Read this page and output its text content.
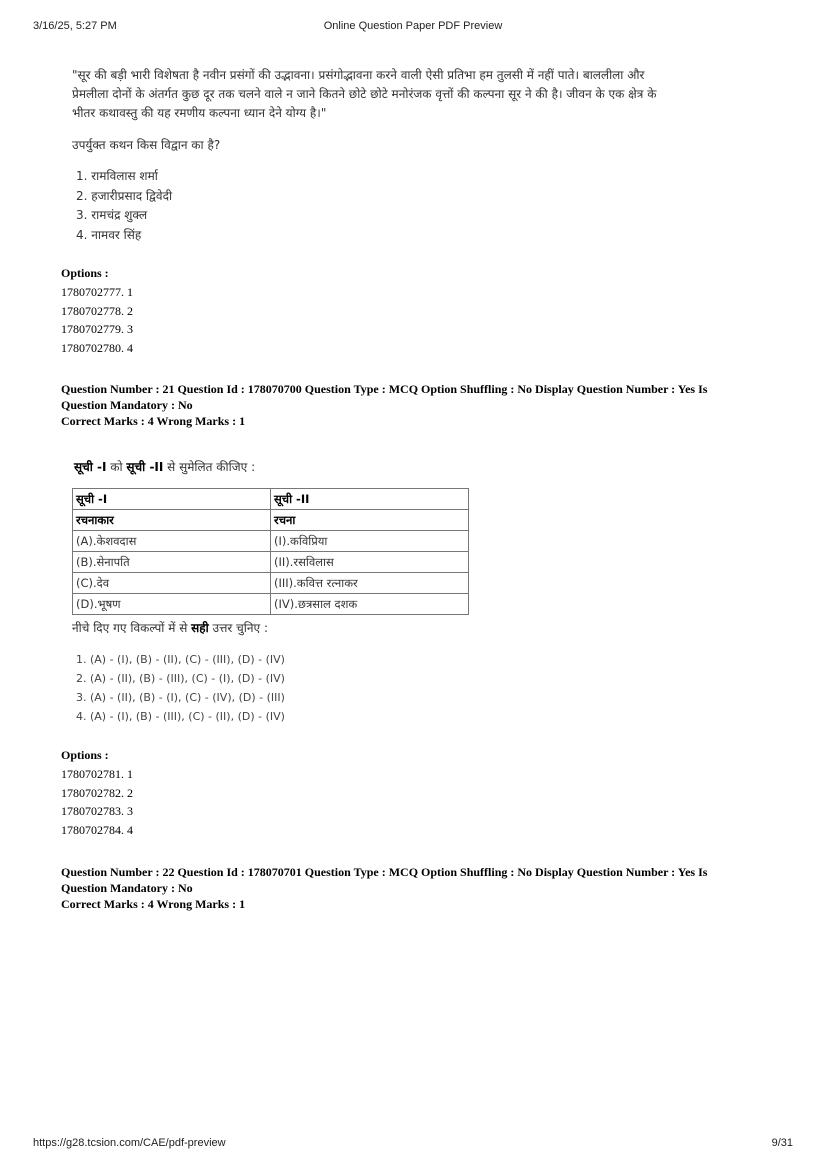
3/16/25, 5:27 PM	Online Question Paper PDF Preview
"सूर की बड़ी भारी विशेषता है नवीन प्रसंगों की उद्भावना। प्रसंगोद्भावना करने वाली ऐसी प्रतिभा हम तुलसी में नहीं पाते। बाललीला और
प्रेमलीला दोनों के अंतर्गत कुछ दूर तक चलने वाले न जाने कितने छोटे छोटे मनोरंजक वृत्तों की कल्पना सूर ने की है। जीवन के एक क्षेत्र के
भीतर कथावस्तु की यह रमणीय कल्पना ध्यान देने योग्य है।"
उपर्युक्त कथन किस विद्वान का है?
1. रामविलास शर्मा
2. हजारीप्रसाद द्विवेदी
3. रामचंद्र शुक्ल
4. नामवर सिंह
Options :
1780702777. 1
1780702778. 2
1780702779. 3
1780702780. 4
Question Number : 21 Question Id : 178070700 Question Type : MCQ Option Shuffling : No Display Question Number : Yes Is
Question Mandatory : No
Correct Marks : 4 Wrong Marks : 1
सूची -I को सूची -II से सुमेलित कीजिए :
सूची -I	सूची -II
रचनाकार	रचना
(A).केशवदास	(I).कविप्रिया
(B).सेनापति	(II).रसविलास
(C).देव	(III).कवित्त रत्नाकर
(D).भूषण	(IV).छत्रसाल दशक
नीचे दिए गए विकल्पों में से सही उत्तर चुनिए :
1. (A) - (I), (B) - (II), (C) - (III), (D) - (IV)
2. (A) - (II), (B) - (III), (C) - (I), (D) - (IV)
3. (A) - (II), (B) - (I), (C) - (IV), (D) - (III)
4. (A) - (I), (B) - (III), (C) - (II), (D) - (IV)
Options :
1780702781. 1
1780702782. 2
1780702783. 3
1780702784. 4
Question Number : 22 Question Id : 178070701 Question Type : MCQ Option Shuffling : No Display Question Number : Yes Is
Question Mandatory : No
Correct Marks : 4 Wrong Marks : 1
https://g28.tcsion.com/CAE/pdf-preview	9/31
